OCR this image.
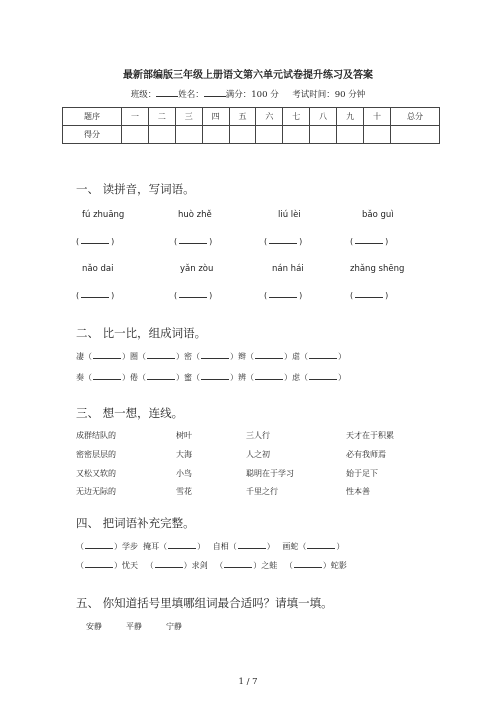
最新部编版三年级上册语文第六单元试卷提升练习及答案
班级：	姓名：	满分：100 分 考试时间：90 分钟
题序	一	二	三	四	五	六	七	八	九	十	总分
得分											
一、 读拼音，写词语。
fú zhuāng	huò zhě	liú lèi	bǎo guì
(	)	(	)	(	)	(	)
nǎo dai	yǎn zòu	nán hái	zhǎng shēng
(	)	(	)	(	)	(	)
二、 比一比，组成词语。
凄（	）圈（	）密（	）辫（	）虐（	）
奏（	）倦（	）蜜（	）辨（	）虑（	）
三、 想一想，连线。
成群结队的	树叶	三人行	天才在于积累
密密层层的	大海	人之初	必有我师焉
又松又软的	小鸟	聪明在于学习	始于足下
无边无际的	雪花	千里之行	性本善
四、 把词语补充完整。
（	）学步 掩耳（	） 自相（	） 画蛇（	）
（	）忧天 （	）求剑 （	）之蛙 （	）蛇影
五、 你知道括号里填哪组词最合适吗？请填一填。
安静	平静	宁静
1 / 7
